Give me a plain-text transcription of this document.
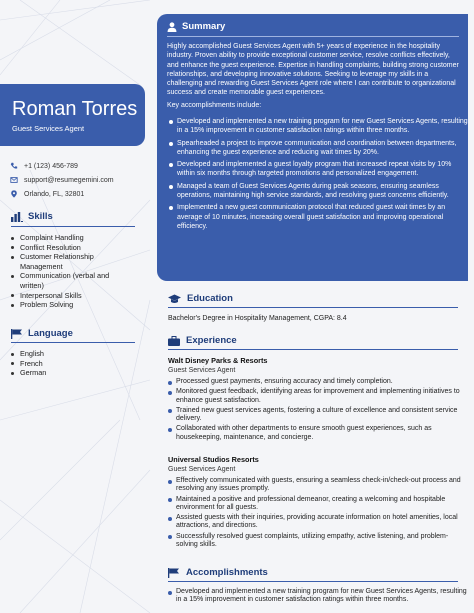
Roman Torres
Guest Services Agent
+1 (123) 456-789
support@resumegemini.com
Orlando, FL, 32801
Skills
Complaint Handling
Conflict Resolution
Customer Relationship Management
Communication (verbal and written)
Interpersonal Skills
Problem Solving
Language
English
French
German
Summary
Highly accomplished Guest Services Agent with 5+ years of experience in the hospitality industry. Proven ability to provide exceptional customer service, resolve conflicts effectively, and enhance the guest experience. Expertise in handling complaints, building strong customer relationships, and developing innovative solutions. Seeking to leverage my skills in a challenging and rewarding Guest Services Agent role where I can contribute to organizational success and create memorable guest experiences.
Key accomplishments include:
Developed and implemented a new training program for new Guest Services Agents, resulting in a 15% improvement in customer satisfaction ratings within three months.
Spearheaded a project to improve communication and coordination between departments, enhancing the guest experience and reducing wait times by 20%.
Developed and implemented a guest loyalty program that increased repeat visits by 10% within six months through targeted promotions and personalized engagement.
Managed a team of Guest Services Agents during peak seasons, ensuring seamless operations, maintaining high service standards, and resolving guest concerns efficiently.
Implemented a new guest communication protocol that reduced guest wait times by an average of 10 minutes, increasing overall guest satisfaction and improving operational efficiency.
Education
Bachelor's Degree in Hospitality Management, CGPA: 8.4
Experience
Walt Disney Parks & Resorts
Guest Services Agent
Processed guest payments, ensuring accuracy and timely completion.
Monitored guest feedback, identifying areas for improvement and implementing initiatives to enhance guest satisfaction.
Trained new guest services agents, fostering a culture of excellence and consistent service delivery.
Collaborated with other departments to ensure smooth guest experiences, such as housekeeping, maintenance, and concierge.
Universal Studios Resorts
Guest Services Agent
Effectively communicated with guests, ensuring a seamless check-in/check-out process and resolving any issues promptly.
Maintained a positive and professional demeanor, creating a welcoming and hospitable environment for all guests.
Assisted guests with their inquiries, providing accurate information on hotel amenities, local attractions, and directions.
Successfully resolved guest complaints, utilizing empathy, active listening, and problem-solving skills.
Accomplishments
Developed and implemented a new training program for new Guest Services Agents, resulting in a 15% improvement in customer satisfaction ratings within three months.
